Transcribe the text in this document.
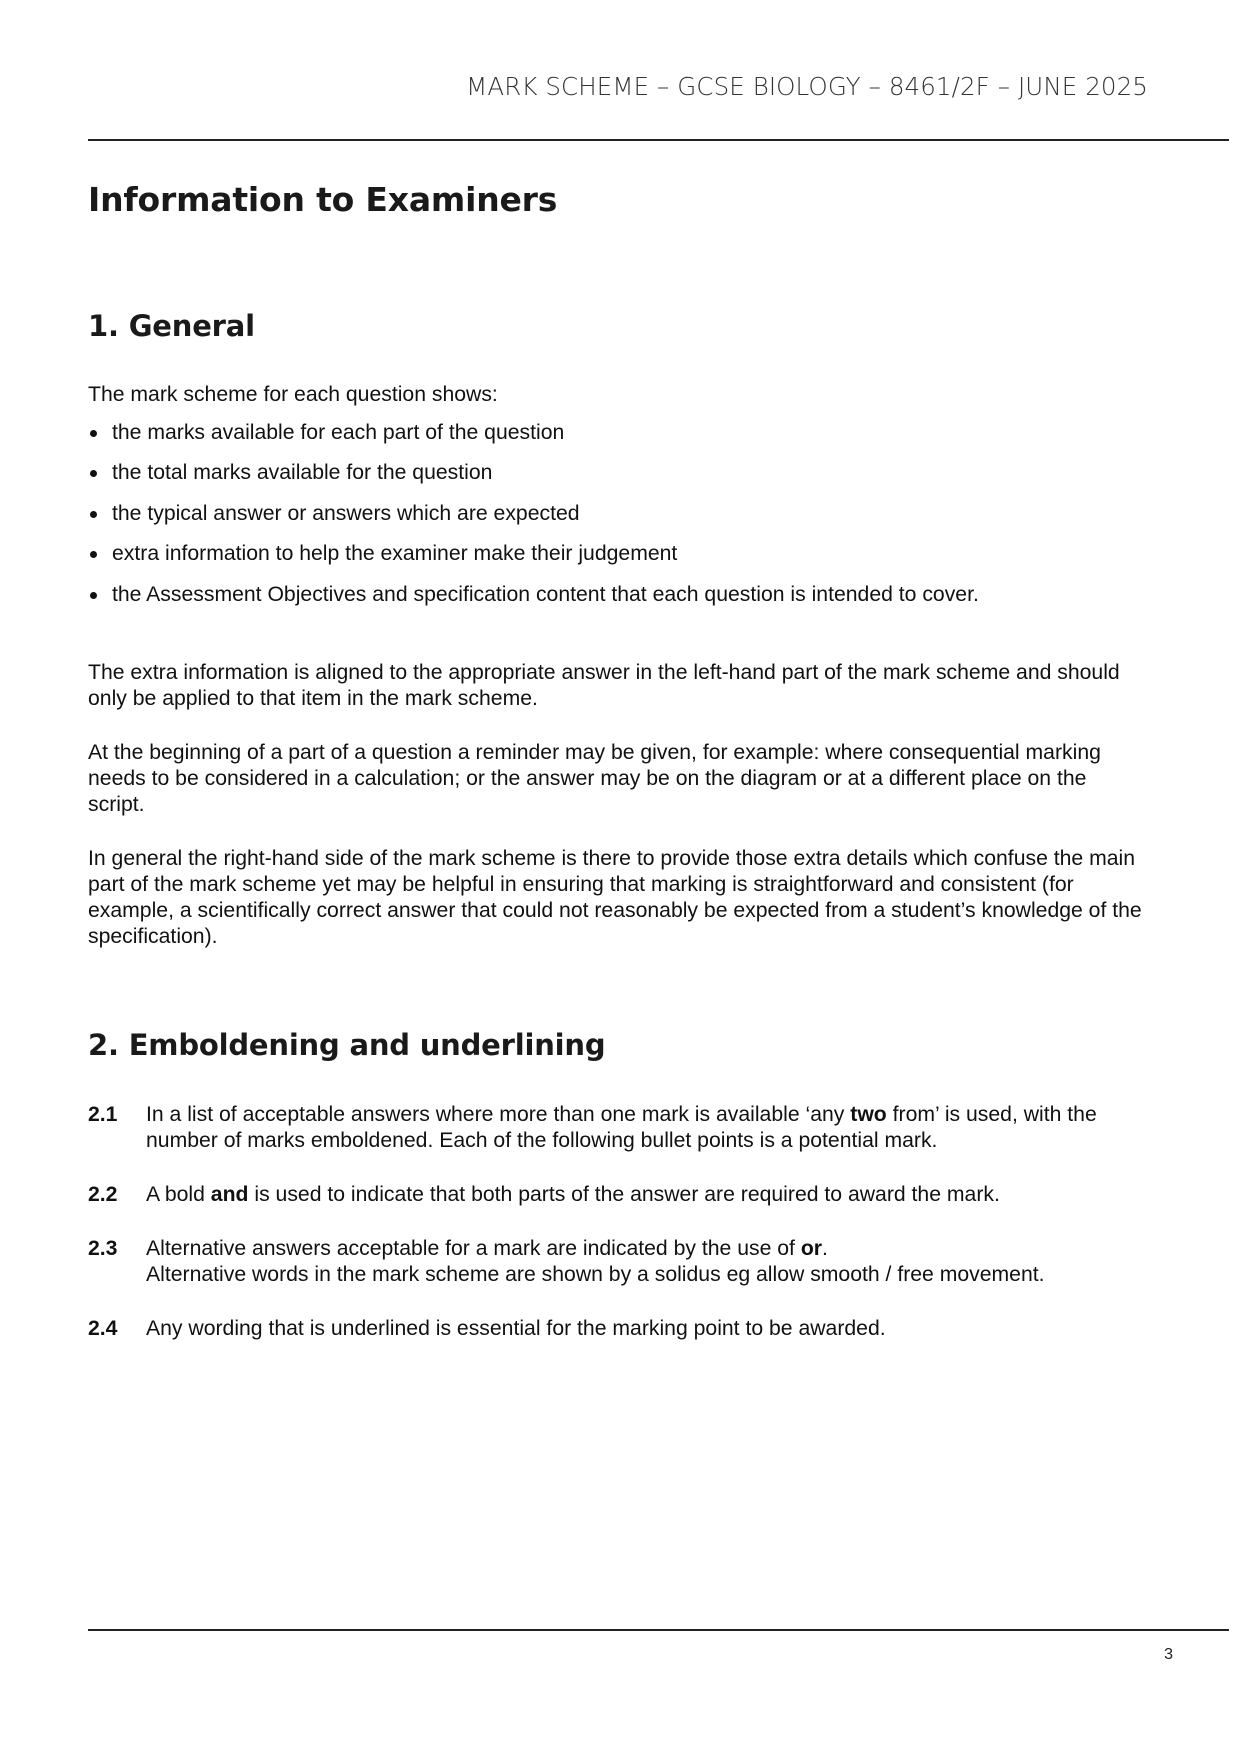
MARK SCHEME – GCSE BIOLOGY – 8461/2F – JUNE 2025
Information to Examiners
1. General

The mark scheme for each question shows:

the marks available for each part of the question
the total marks available for the question
the typical answer or answers which are expected
extra information to help the examiner make their judgement
the Assessment Objectives and specification content that each question is intended to cover.

The extra information is aligned to the appropriate answer in the left-hand part of the mark scheme and should only be applied to that item in the mark scheme.

At the beginning of a part of a question a reminder may be given, for example: where consequential marking needs to be considered in a calculation; or the answer may be on the diagram or at a different place on the script.

In general the right-hand side of the mark scheme is there to provide those extra details which confuse the main part of the mark scheme yet may be helpful in ensuring that marking is straightforward and consistent (for example, a scientifically correct answer that could not reasonably be expected from a student’s knowledge of the specification).

2. Emboldening and underlining
2.1 In a list of acceptable answers where more than one mark is available ‘any two from’ is used, with the number of marks emboldened. Each of the following bullet points is a potential mark.
2.2 A bold and is used to indicate that both parts of the answer are required to award the mark.
2.3 Alternative answers acceptable for a mark are indicated by the use of or.
Alternative words in the mark scheme are shown by a solidus eg allow smooth / free movement.
2.4 Any wording that is underlined is essential for the marking point to be awarded.
3
